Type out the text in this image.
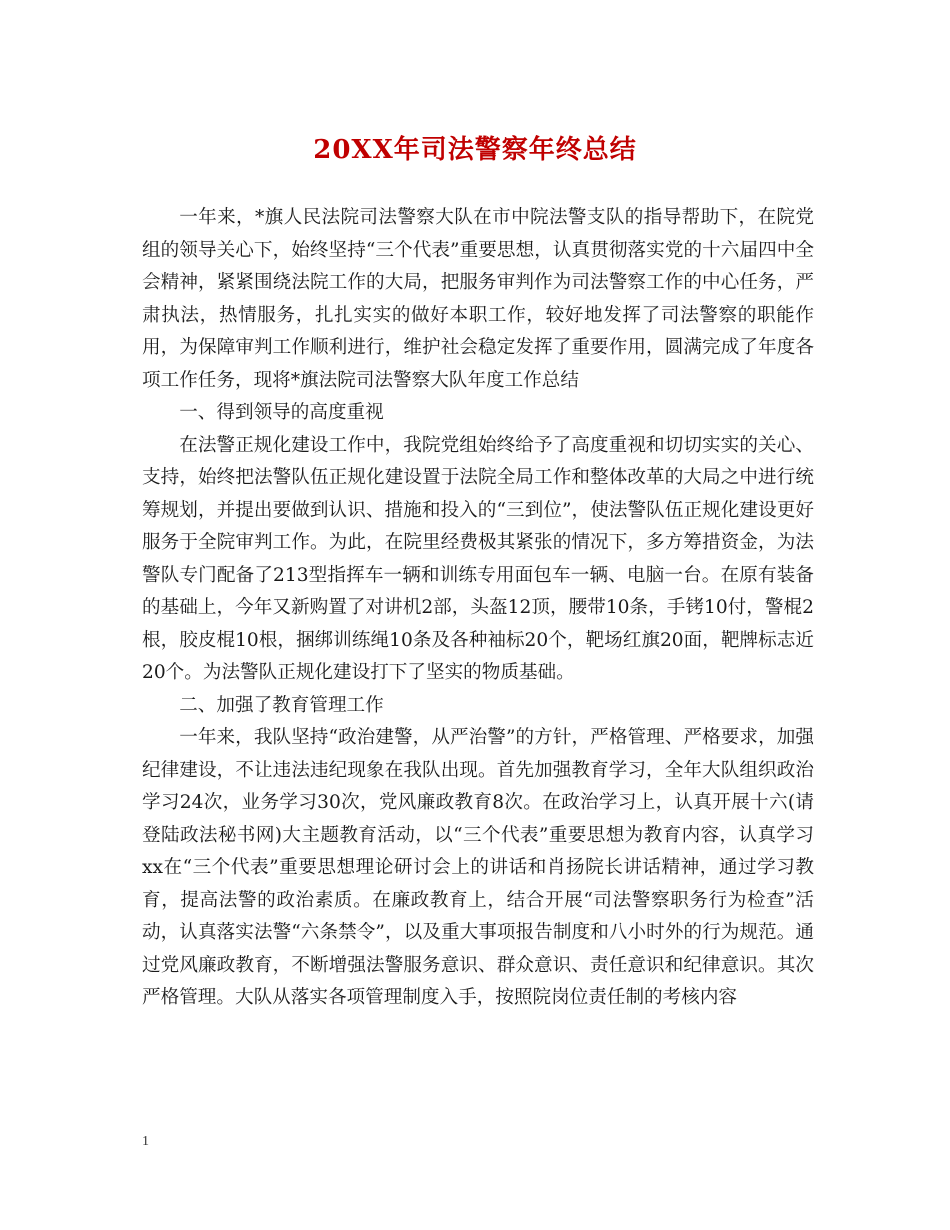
20XX年司法警察年终总结

一年来，*旗人民法院司法警察大队在市中院法警支队的指导帮助下，在院党组的领导关心下，始终坚持“三个代表”重要思想，认真贯彻落实党的十六届四中全会精神，紧紧围绕法院工作的大局，把服务审判作为司法警察工作的中心任务，严肃执法，热情服务，扎扎实实的做好本职工作，较好地发挥了司法警察的职能作用，为保障审判工作顺利进行，维护社会稳定发挥了重要作用，圆满完成了年度各项工作任务，现将*旗法院司法警察大队年度工作总结

一、得到领导的高度重视

在法警正规化建设工作中，我院党组始终给予了高度重视和切切实实的关心、支持，始终把法警队伍正规化建设置于法院全局工作和整体改革的大局之中进行统筹规划，并提出要做到认识、措施和投入的“三到位”，使法警队伍正规化建设更好服务于全院审判工作。为此，在院里经费极其紧张的情况下，多方筹措资金，为法警队专门配备了213型指挥车一辆和训练专用面包车一辆、电脑一台。在原有装备的基础上，今年又新购置了对讲机2部，头盔12顶，腰带10条，手铐10付，警棍2根，胶皮棍10根，捆绑训练绳10条及各种袖标20个，靶场红旗20面，靶牌标志近20个。为法警队正规化建设打下了坚实的物质基础。

二、加强了教育管理工作

一年来，我队坚持“政治建警，从严治警”的方针，严格管理、严格要求，加强纪律建设，不让违法违纪现象在我队出现。首先加强教育学习，全年大队组织政治学习24次，业务学习30次，党风廉政教育8次。在政治学习上，认真开展十六(请登陆政法秘书网)大主题教育活动，以“三个代表”重要思想为教育内容，认真学习xx在“三个代表”重要思想理论研讨会上的讲话和肖扬院长讲话精神，通过学习教育，提高法警的政治素质。在廉政教育上，结合开展“司法警察职务行为检查”活动，认真落实法警“六条禁令”，以及重大事项报告制度和八小时外的行为规范。通过党风廉政教育，不断增强法警服务意识、群众意识、责任意识和纪律意识。其次严格管理。大队从落实各项管理制度入手，按照院岗位责任制的考核内容

1
